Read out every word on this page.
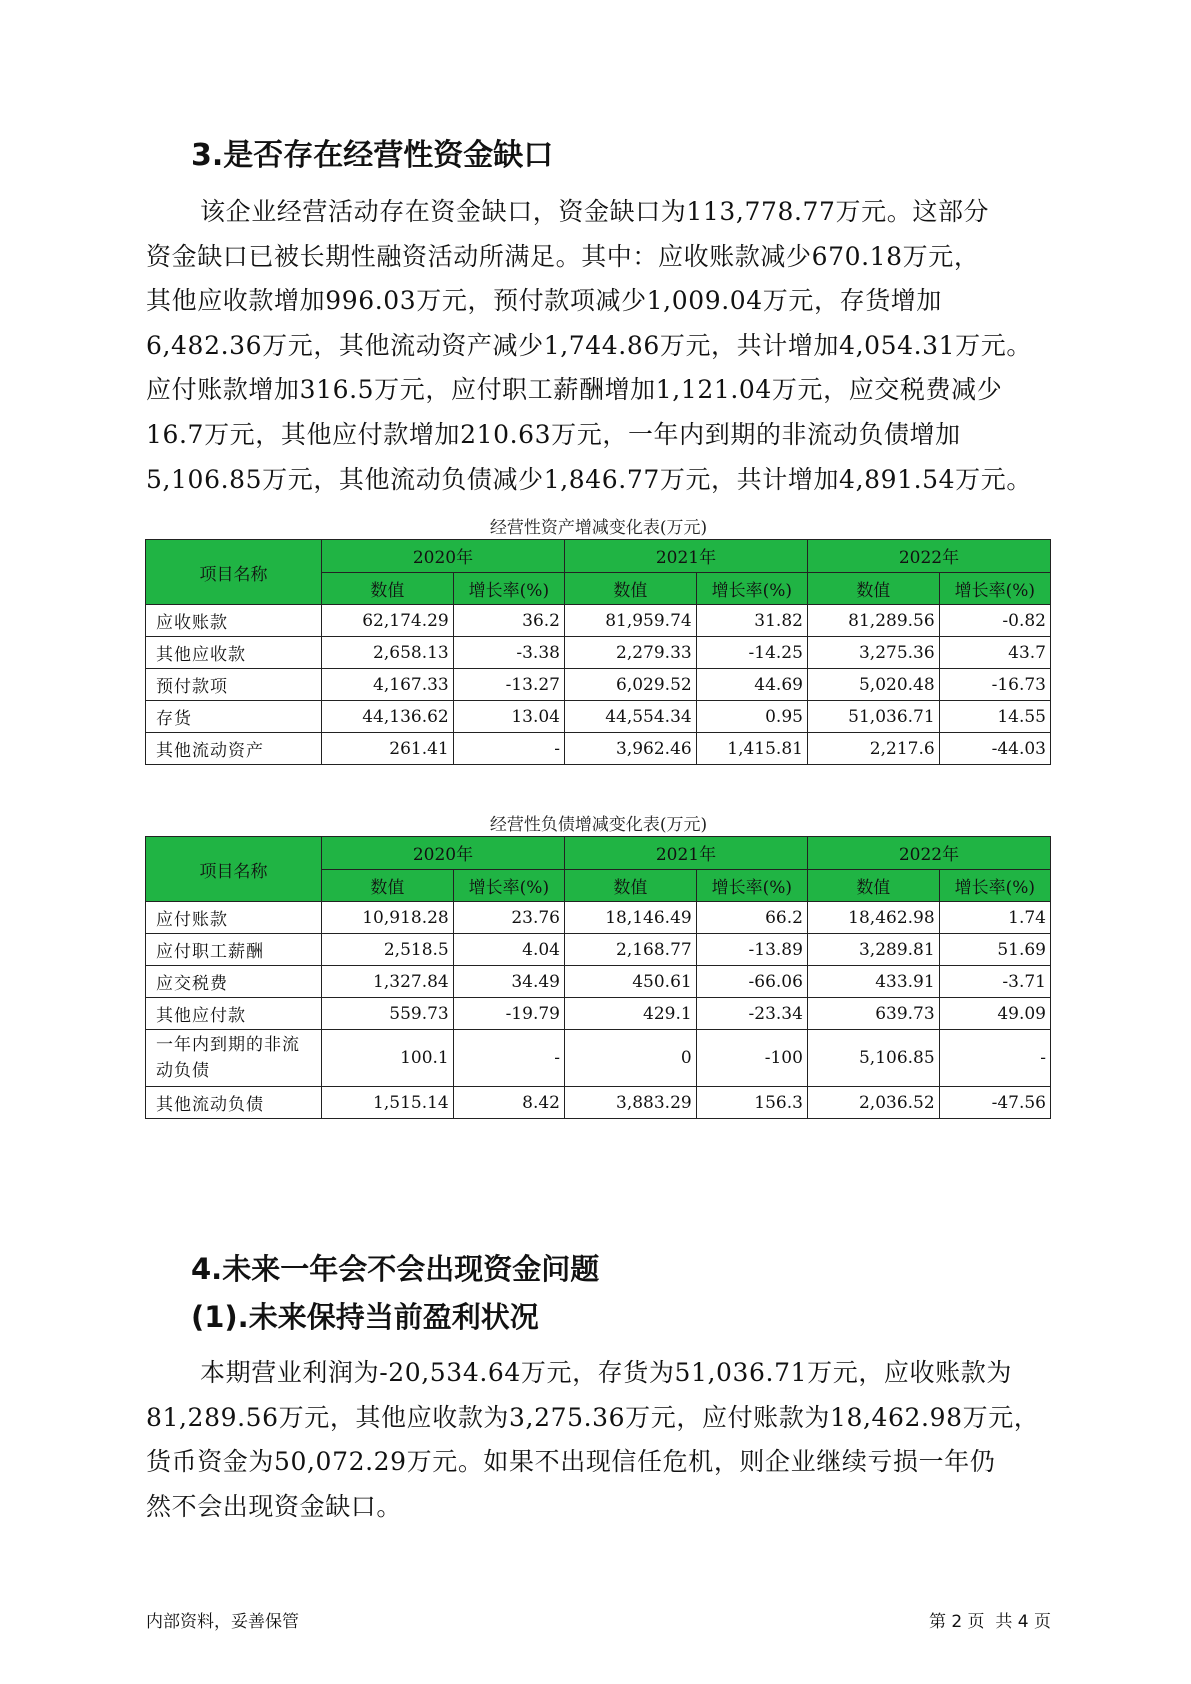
3.是否存在经营性资金缺口
该企业经营活动存在资金缺口，资金缺口为113,778.77万元。这部分
资金缺口已被长期性融资活动所满足。其中：应收账款减少670.18万元，
其他应收款增加996.03万元，预付款项减少1,009.04万元，存货增加
6,482.36万元，其他流动资产减少1,744.86万元，共计增加4,054.31万元。
应付账款增加316.5万元，应付职工薪酬增加1,121.04万元，应交税费减少
16.7万元，其他应付款增加210.63万元，一年内到期的非流动负债增加
5,106.85万元，其他流动负债减少1,846.77万元，共计增加4,891.54万元。
经营性资产增减变化表(万元)
项目名称	2020年		2021年		2022年	
	数值	增长率(%)	数值	增长率(%)	数值	增长率(%)
应收账款	62,174.29	36.2	81,959.74	31.82	81,289.56	-0.82
其他应收款	2,658.13	-3.38	2,279.33	-14.25	3,275.36	43.7
预付款项	4,167.33	-13.27	6,029.52	44.69	5,020.48	-16.73
存货	44,136.62	13.04	44,554.34	0.95	51,036.71	14.55
其他流动资产	261.41	-	3,962.46	1,415.81	2,217.6	-44.03
经营性负债增减变化表(万元)
项目名称	2020年		2021年		2022年	
	数值	增长率(%)	数值	增长率(%)	数值	增长率(%)
应付账款	10,918.28	23.76	18,146.49	66.2	18,462.98	1.74
应付职工薪酬	2,518.5	4.04	2,168.77	-13.89	3,289.81	51.69
应交税费	1,327.84	34.49	450.61	-66.06	433.91	-3.71
其他应付款	559.73	-19.79	429.1	-23.34	639.73	49.09
一年内到期的非流动负债	100.1	-	0	-100	5,106.85	-
其他流动负债	1,515.14	8.42	3,883.29	156.3	2,036.52	-47.56
4.未来一年会不会出现资金问题
(1).未来保持当前盈利状况
本期营业利润为-20,534.64万元，存货为51,036.71万元，应收账款为
81,289.56万元，其他应收款为3,275.36万元，应付账款为18,462.98万元，
货币资金为50,072.29万元。如果不出现信任危机，则企业继续亏损一年仍
然不会出现资金缺口。
内部资料，妥善保管	第 2 页  共 4 页
